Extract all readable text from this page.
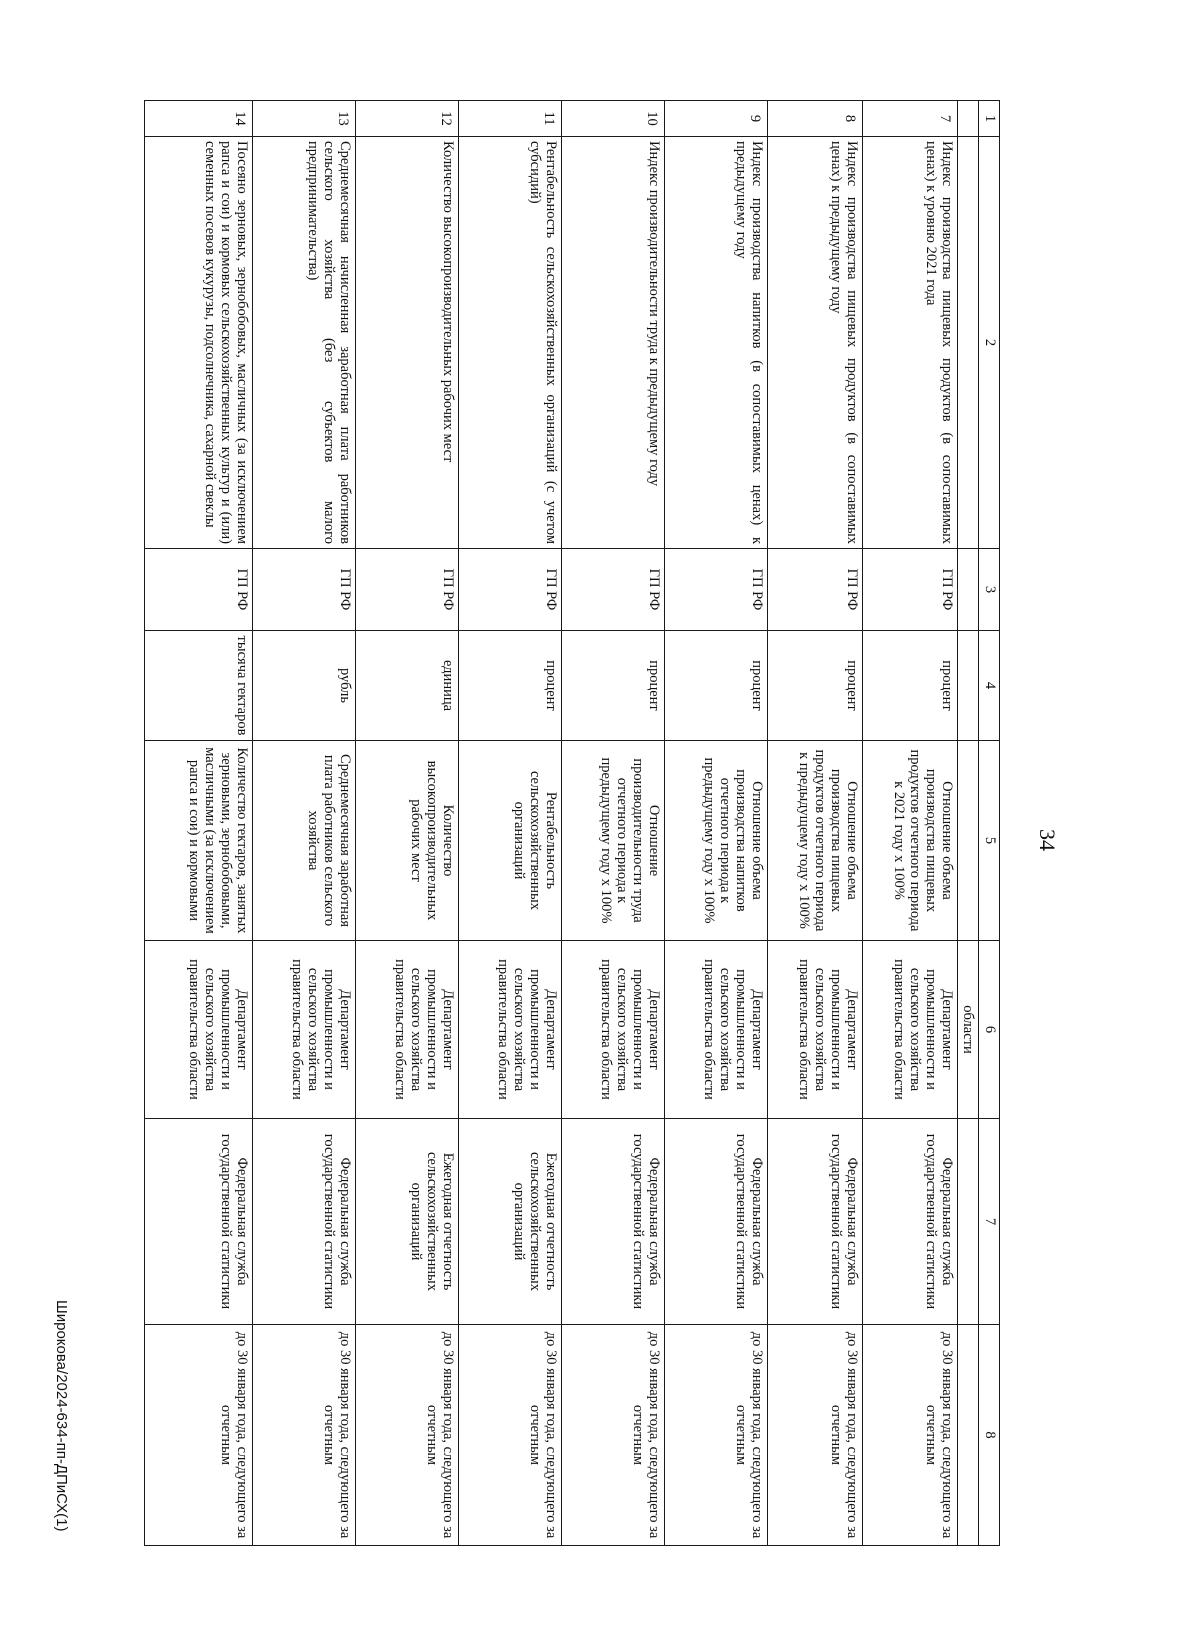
34
1	2	3	4	5	6	7	8
					области		
7	Индекс производства пищевых продуктов (в сопоставимых ценах) к уровню 2021 года	ГП РФ	процент	Отношение объема производства пищевых продуктов отчетного периода к 2021 году х 100%	Департамент промышленности и сельского хозяйства правительства области	Федеральная служба государственной статистики	до 30 января года, следующего за отчетным
8	Индекс производства пищевых продуктов (в сопоставимых ценах) к предыдущему году	ГП РФ	процент	Отношение объема производства пищевых продуктов отчетного периода к предыдущему году х 100%	Департамент промышленности и сельского хозяйства правительства области	Федеральная служба государственной статистики	до 30 января года, следующего за отчетным
9	Индекс производства напитков (в сопоставимых ценах) к предыдущему году	ГП РФ	процент	Отношение объема производства напитков отчетного периода к предыдущему году х 100%	Департамент промышленности и сельского хозяйства правительства области	Федеральная служба государственной статистики	до 30 января года, следующего за отчетным
10	Индекс производительности труда к предыдущему году	ГП РФ	процент	Отношение производительности труда отчетного периода к предыдущему году х 100%	Департамент промышленности и сельского хозяйства правительства области	Федеральная служба государственной статистики	до 30 января года, следующего за отчетным
11	Рентабельность сельскохозяйственных организаций (с учетом субсидий)	ГП РФ	процент	Рентабельность сельскохозяйственных организаций	Департамент промышленности и сельского хозяйства правительства области	Ежегодная отчетность сельскохозяйственных организаций	до 30 января года, следующего за отчетным
12	Количество высокопроизводительных рабочих мест	ГП РФ	единица	Количество высокопроизводительных рабочих мест	Департамент промышленности и сельского хозяйства правительства области	Ежегодная отчетность сельскохозяйственных организаций	до 30 января года, следующего за отчетным
13	Среднемесячная начисленная заработная плата работников сельского хозяйства (без субъектов малого предпринимательства)	ГП РФ	рубль	Среднемесячная заработная плата работников сельского хозяйства	Департамент промышленности и сельского хозяйства правительства области	Федеральная служба государственной статистики	до 30 января года, следующего за отчетным
14	Посеяно зерновых, зернобобовых, масличных (за исключением рапса и сои) и кормовых сельскохозяйственных культур и (или) семенных посевов кукурузы, подсолнечника, сахарной свеклы	ГП РФ	тысяча гектаров	Количество гектаров, занятых зерновыми, зернобобовыми, масличными (за исключением рапса и сои) и кормовыми	Департамент промышленности и сельского хозяйства правительства области	Федеральная служба государственной статистики	до 30 января года, следующего за отчетным
Широкова/2024-634-пп-ДПиСХ(1)
